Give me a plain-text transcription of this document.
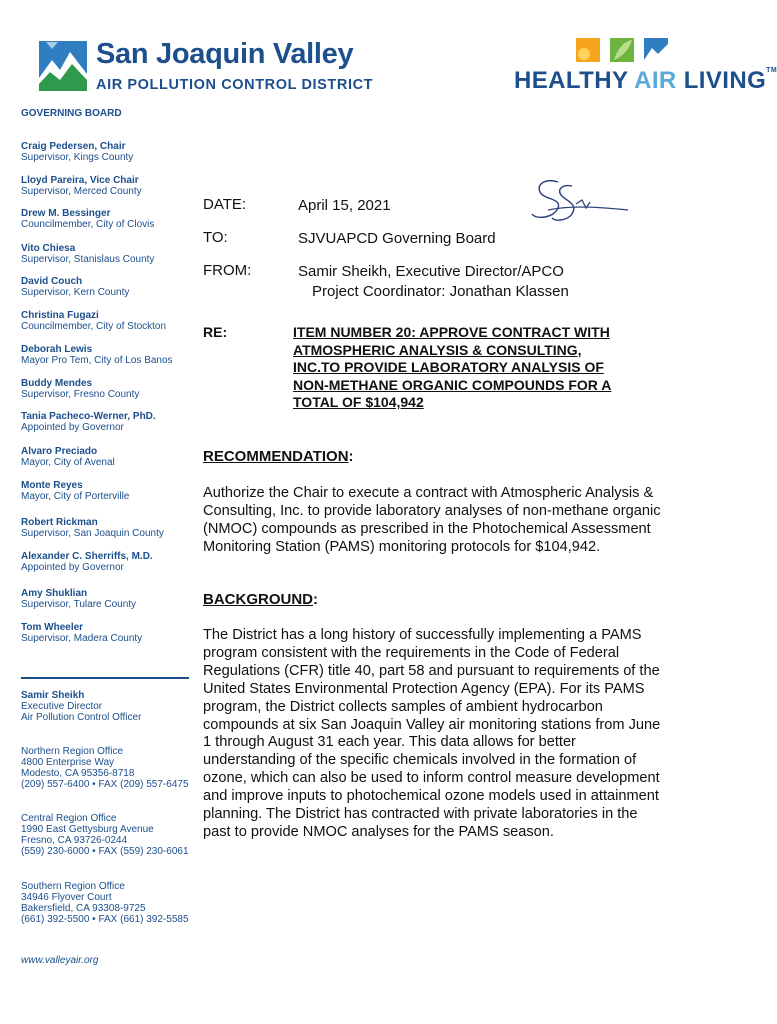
San Joaquin Valley
AIR POLLUTION CONTROL DISTRICT	HEALTHY AIR LIVING™
GOVERNING BOARD
Craig Pedersen, Chair
Supervisor, Kings County
Lloyd Pareira, Vice Chair
Supervisor, Merced County
Drew M. Bessinger
Councilmember, City of Clovis
Vito Chiesa
Supervisor, Stanislaus County
David Couch
Supervisor, Kern County
Christina Fugazi
Councilmember, City of Stockton
Deborah Lewis
Mayor Pro Tem, City of Los Banos
Buddy Mendes
Supervisor, Fresno County
Tania Pacheco-Werner, PhD.
Appointed by Governor
Alvaro Preciado
Mayor, City of Avenal
Monte Reyes
Mayor, City of Porterville
Robert Rickman
Supervisor, San Joaquin County
Alexander C. Sherriffs, M.D.
Appointed by Governor
Amy Shuklian
Supervisor, Tulare County
Tom Wheeler
Supervisor, Madera County
Samir Sheikh
Executive Director
Air Pollution Control Officer
Northern Region Office
4800 Enterprise Way
Modesto, CA 95356-8718
(209) 557-6400 • FAX (209) 557-6475
Central Region Office
1990 East Gettysburg Avenue
Fresno, CA 93726-0244
(559) 230-6000 • FAX (559) 230-6061
Southern Region Office
34946 Flyover Court
Bakersfield, CA 93308-9725
(661) 392-5500 • FAX (661) 392-5585
www.valleyair.org
DATE:	April 15, 2021
TO:	SJVUAPCD Governing Board
FROM:	Samir Sheikh, Executive Director/APCO
Project Coordinator: Jonathan Klassen
RE:	ITEM NUMBER 20: APPROVE CONTRACT WITH
ATMOSPHERIC ANALYSIS & CONSULTING,
INC.TO PROVIDE LABORATORY ANALYSIS OF
NON-METHANE ORGANIC COMPOUNDS FOR A
TOTAL OF $104,942
RECOMMENDATION:
Authorize the Chair to execute a contract with Atmospheric Analysis &
Consulting, Inc. to provide laboratory analyses of non-methane organic
(NMOC) compounds as prescribed in the Photochemical Assessment
Monitoring Station (PAMS) monitoring protocols for $104,942.
BACKGROUND:
The District has a long history of successfully implementing a PAMS
program consistent with the requirements in the Code of Federal
Regulations (CFR) title 40, part 58 and pursuant to requirements of the
United States Environmental Protection Agency (EPA). For its PAMS
program, the District collects samples of ambient hydrocarbon
compounds at six San Joaquin Valley air monitoring stations from June
1 through August 31 each year. This data allows for better
understanding of the specific chemicals involved in the formation of
ozone, which can also be used to inform control measure development
and improve inputs to photochemical ozone models used in attainment
planning. The District has contracted with private laboratories in the
past to provide NMOC analyses for the PAMS season.
